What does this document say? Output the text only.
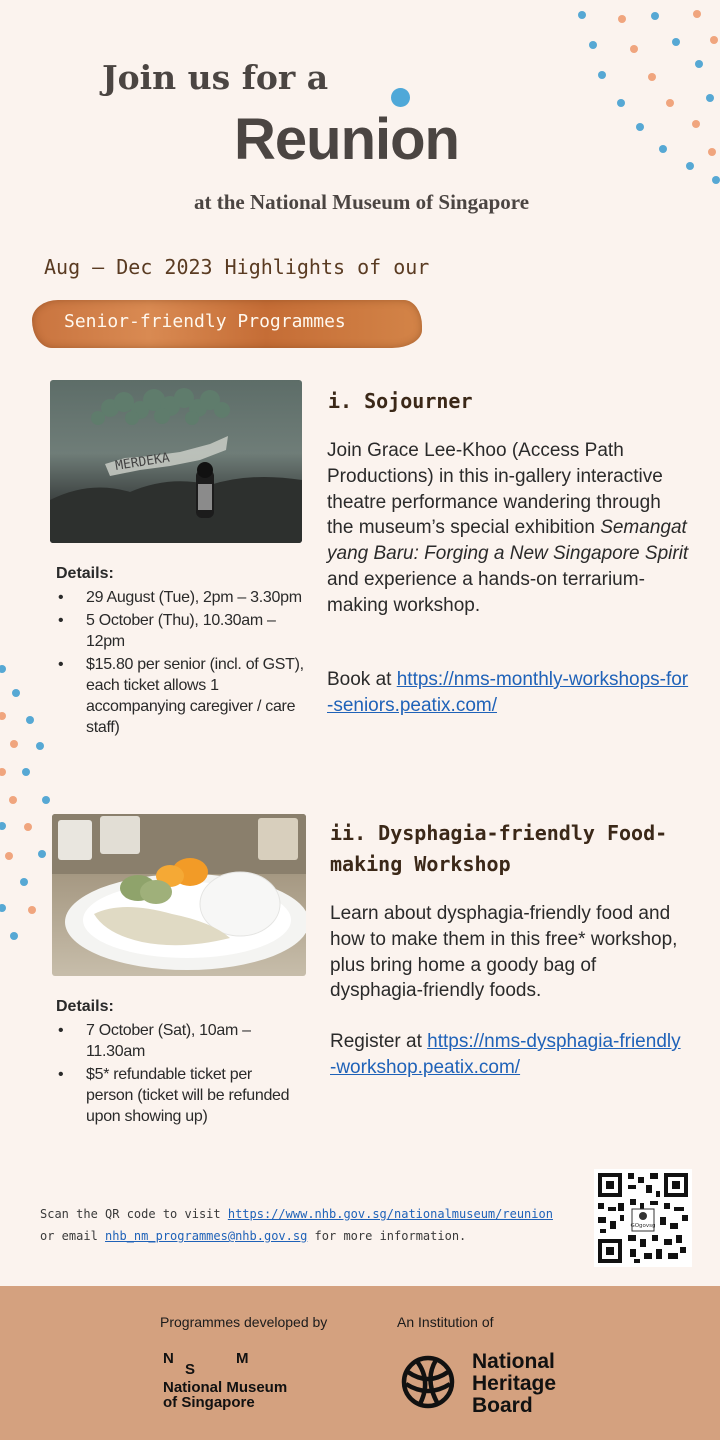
Join us for a
Reunion
at the National Museum of Singapore
Aug – Dec 2023 Highlights of our
Senior-friendly Programmes
MERDEKA
Details:
• 29 August (Tue), 2pm – 3.30pm
• 5 October (Thu), 10.30am – 12pm
• $15.80 per senior (incl. of GST), each ticket allows 1 accompanying caregiver / care staff)
i. Sojourner
Join Grace Lee-Khoo (Access Path Productions) in this in-gallery interactive theatre performance wandering through the museum’s special exhibition Semangat yang Baru: Forging a New Singapore Spirit and experience a hands-on terrarium-making workshop.
Book at https://nms-monthly-workshops-for-seniors.peatix.com/
Details:
• 7 October (Sat), 10am – 11.30am
• $5* refundable ticket per person (ticket will be refunded upon showing up)
ii. Dysphagia-friendly Food-
making Workshop
Learn about dysphagia-friendly food and how to make them in this free* workshop, plus bring home a goody bag of dysphagia-friendly foods.
Register at https://nms-dysphagia-friendly-workshop.peatix.com/
Scan the QR code to visit https://www.nhb.gov.sg/nationalmuseum/reunion
or email nhb_nm_programmes@nhb.gov.sg for more information.
GOgovsg
Programmes developed by	An Institution of
N	M
S
National Museum
of Singapore
National
Heritage
Board
